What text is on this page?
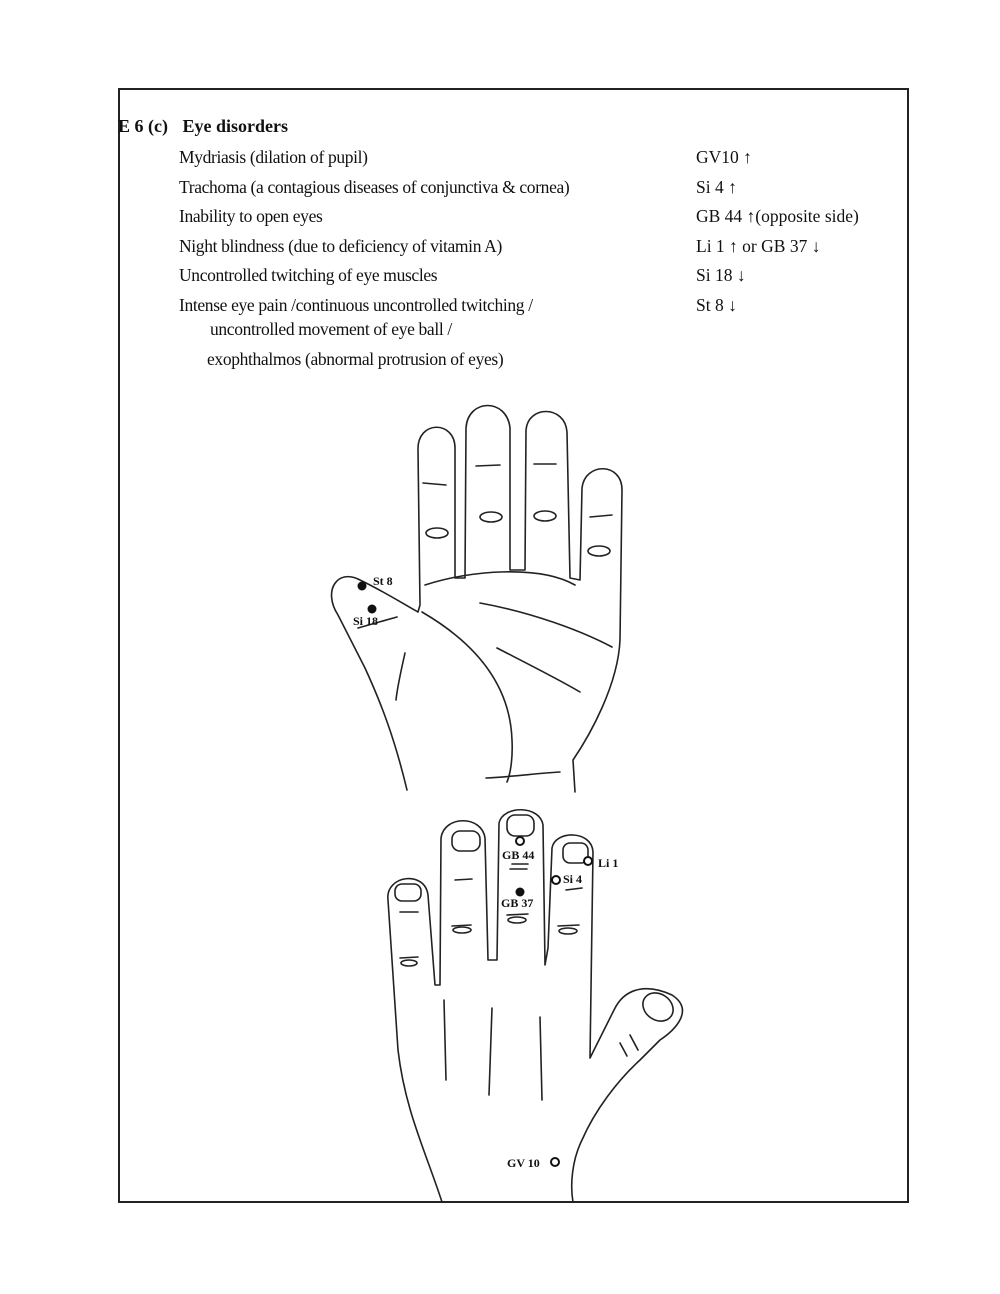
E 6 (c) Eye disorders
Mydriasis (dilation of pupil)	GV10 ↑
Trachoma (a contagious diseases of conjunctiva & cornea)	Si 4 ↑
Inability to open eyes	GB 44 ↑(opposite side)
Night blindness (due to deficiency of vitamin A)	Li 1 ↑ or GB 37 ↓
Uncontrolled twitching of eye muscles	Si 18 ↓
Intense eye pain /continuous uncontrolled twitching /	St 8 ↓
uncontrolled movement of eye ball /
exophthalmos (abnormal protrusion of eyes)
St 8
Si 18
GB 44
Li 1
Si 4
GB 37
GV 10
